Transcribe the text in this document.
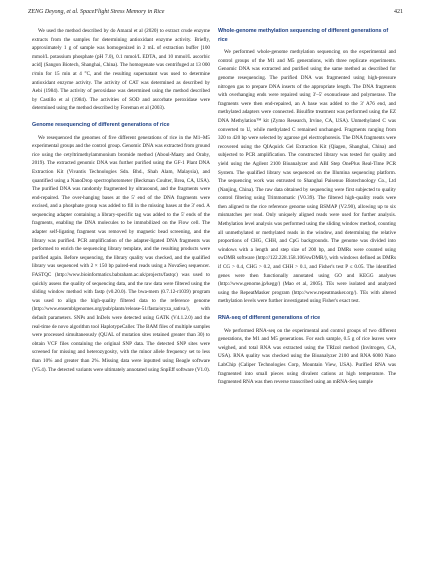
ZENG Deyong, et al. SpaceFlight Stress Memory in Rice	421

We used the method described by do Amaral et al (2020) to extract crude enzyme extracts from the samples for determining antioxidant enzyme activity. Briefly, approximately 1 g of sample was homogenized in 2 mL of extraction buffer [100 mmol/L potassium phosphate (pH 7.0), 0.1 mmol/L EDTA, and 10 mmol/L ascorbic acid] (Sangon Biotech, Shanghai, China). The homogenate was centrifuged at 13 000 r/min for 15 min at 4 °C, and the resulting supernatant was used to determine antioxidant enzyme activity. The activity of CAT was determined as described by Aebi (1984). The activity of peroxidase was determined using the method described by Castillo et al (1984). The activities of SOD and ascorbate peroxidase were determined using the method described by Foreman et al (2003).

Genome resequencing of different generations of rice

We resequenced the genomes of five different generations of rice in the M1–M5 experimental groups and the control group. Genomic DNA was extracted from ground rice using the cetyltrimethylammonium bromide method (Aboul-Maaty and Oraby, 2019). The extracted genomic DNA was further purified using the GF-1 Plant DNA Extraction Kit (Vivantis Technologies Sdn. Bhd., Shah Alam, Malaysia), and quantified using a NanoDrop spectrophotometer (Beckman Coulter, Brea, CA, USA). The purified DNA was randomly fragmented by ultrasound, and the fragments were end-repaired. The over-hanging bases at the 5' end of the DNA fragments were excised, and a phosphate group was added to fill in the missing bases at the 3' end. A sequencing adapter containing a library-specific tag was added to the 5' ends of the fragments, enabling the DNA molecules to be immobilized on the Flow cell. The adapter self-ligating fragment was removed by magnetic bead screening, and the library was purified. PCR amplification of the adapter-ligated DNA fragments was performed to enrich the sequencing library template, and the resulting products were purified again. Before sequencing, the library quality was checked, and the qualified library was sequenced with 2 × 150 bp paired-end reads using a NovaSeq sequencer. FASTQC (http://www.bioinformatics.babraham.ac.uk/projects/fastqc) was used to quickly assess the quality of sequencing data, and the raw data were filtered using the sliding window method with fastp (v0.20.0). The bwa-mem (0.7.12-r1039) program was used to align the high-quality filtered data to the reference genome (http://www.ensemblgenomes.org/pub/plants/release-51/fasta/oryza_sativa/), with default parameters. SNPs and InDels were detected using GATK (V4.1.2.0) and the real-time de novo algorithm tool HaplotypeCaller. The BAM files of multiple samples were processed simultaneously (QUAL of mutation sites retained greater than 30) to obtain VCF files containing the original SNP data. The detected SNP sites were screened for missing and heterozygosity, with the minor allele frequency set to less than 10% and greater than 2%. Missing data were inputted using Beagle software (V5.4). The detected variants were ultimately annotated using SnpEff software (V1.0).

Whole-genome methylation sequencing of different generations of rice

We performed whole-genome methylation sequencing on the experimental and control groups of the M1 and M5 generations, with three replicate experiments. Genomic DNA was extracted and purified using the same method as described for genome resequencing. The purified DNA was fragmented using high-pressure nitrogen gas to prepare DNA inserts of the appropriate length. The DNA fragments with overhanging ends were repaired using 3'–5' exonuclease and polymerase. The fragments were then end-repaired, an A base was added to the 3' A76 end, and methylated adapters were connected. Bisulfite treatment was performed using the EZ DNA Methylation™ kit (Zymo Research, Irvine, CA, USA). Unmethylated C was converted to U, while methylated C remained unchanged. Fragments ranging from 320 to 420 bp were selected by agarose gel electrophoresis. The DNA fragments were recovered using the QIAquick Gel Extraction Kit (Qiagen, Shanghai, China) and subjected to PCR amplification. The constructed library was tested for quality and yield using the Agilent 2100 Bioanalyzer and ABI Step OnePlus Real-Time PCR System. The qualified library was sequenced on the Illumina sequencing platform. The sequencing work was entrusted to Shanghai Paisenuo Biotechnology Co., Ltd (Nanjing, China). The raw data obtained by sequencing were first subjected to quality control filtering using Trimmomatic (V0.39). The filtered high-quality reads were then aligned to the rice reference genome using BSMAP (V2.90), allowing up to six mismatches per read. Only uniquely aligned reads were used for further analysis. Methylation level analysis was performed using the sliding window method, counting all unmethylated or methylated reads in the window, and determining the relative proportions of CHG, CHH, and CpG backgrounds. The genome was divided into windows with a length and step size of 200 bp, and DMRs were counted using swDMR software (http://122.228.158.106/swDMR/), with windows defined as DMRs if CG > 0.4, CHG > 0.2, and CHH > 0.1, and Fisher's test P ≤ 0.05. The identified genes were then functionally annotated using GO and KEGG analyses (http://www.genome.jp/kegg/) (Mao et al, 2005). TEs were isolated and analyzed using the RepeatMasker program (http://www.repeatmasker.org/). TEs with altered methylation levels were further investigated using Fisher's exact test.

RNA-seq of different generations of rice

We performed RNA-seq on the experimental and control groups of two different generations, the M1 and M5 generations. For each sample, 0.5 g of rice leaves were weighed, and total RNA was extracted using the TRIzol method (Invitrogen, CA, USA). RNA quality was checked using the Bioanalyzer 2100 and RNA 6000 Nano LabChip (Caliper Technologies Corp, Mountain View, USA). Purified RNA was fragmented into small pieces using divalent cations at high temperature. The fragmented RNA was then reverse transcribed using an mRNA-Seq sample
